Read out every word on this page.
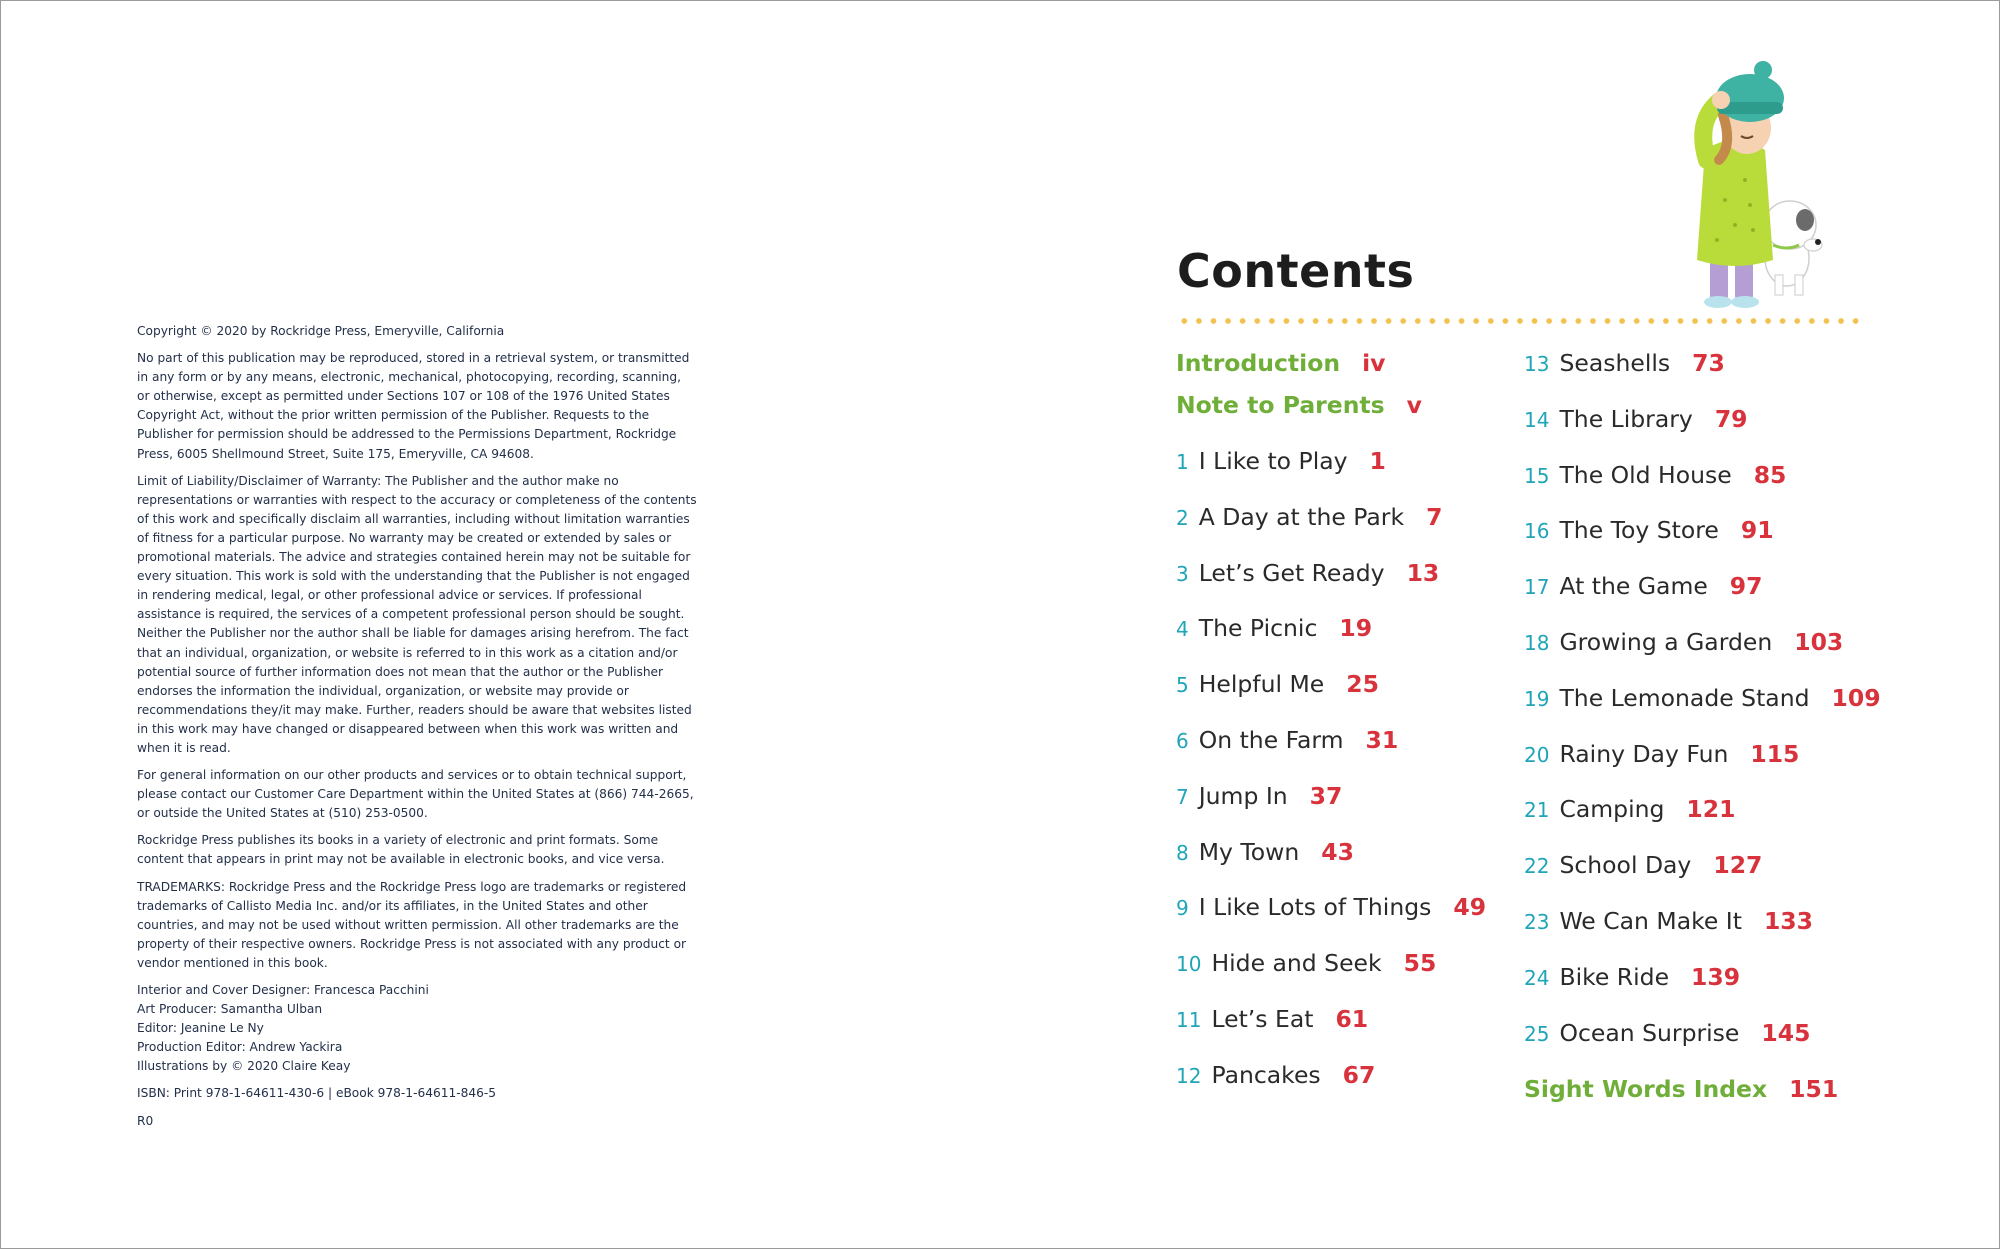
Copyright © 2020 by Rockridge Press, Emeryville, California

No part of this publication may be reproduced, stored in a retrieval system, or transmitted in any form or by any means, electronic, mechanical, photocopying, recording, scanning, or otherwise, except as permitted under Sections 107 or 108 of the 1976 United States Copyright Act, without the prior written permission of the Publisher. Requests to the Publisher for permission should be addressed to the Permissions Department, Rockridge Press, 6005 Shellmound Street, Suite 175, Emeryville, CA 94608.

Limit of Liability/Disclaimer of Warranty: The Publisher and the author make no representations or warranties with respect to the accuracy or completeness of the contents of this work and specifically disclaim all warranties, including without limitation warranties of fitness for a particular purpose. No warranty may be created or extended by sales or promotional materials. The advice and strategies contained herein may not be suitable for every situation. This work is sold with the understanding that the Publisher is not engaged in rendering medical, legal, or other professional advice or services. If professional assistance is required, the services of a competent professional person should be sought. Neither the Publisher nor the author shall be liable for damages arising herefrom. The fact that an individual, organization, or website is referred to in this work as a citation and/or potential source of further information does not mean that the author or the Publisher endorses the information the individual, organization, or website may provide or recommendations they/it may make. Further, readers should be aware that websites listed in this work may have changed or disappeared between when this work was written and when it is read.

For general information on our other products and services or to obtain technical support, please contact our Customer Care Department within the United States at (866) 744-2665, or outside the United States at (510) 253-0500.

Rockridge Press publishes its books in a variety of electronic and print formats. Some content that appears in print may not be available in electronic books, and vice versa.

TRADEMARKS: Rockridge Press and the Rockridge Press logo are trademarks or registered trademarks of Callisto Media Inc. and/or its affiliates, in the United States and other countries, and may not be used without written permission. All other trademarks are the property of their respective owners. Rockridge Press is not associated with any product or vendor mentioned in this book.

Interior and Cover Designer: Francesca Pacchini
Art Producer: Samantha Ulban
Editor: Jeanine Le Ny
Production Editor: Andrew Yackira
Illustrations by © 2020 Claire Keay

ISBN: Print 978-1-64611-430-6 | eBook 978-1-64611-846-5

R0

Contents
Introduction iv
Note to Parents v
1 I Like to Play 1
2 A Day at the Park 7
3 Let’s Get Ready 13
4 The Picnic 19
5 Helpful Me 25
6 On the Farm 31
7 Jump In 37
8 My Town 43
9 I Like Lots of Things 49
10 Hide and Seek 55
11 Let’s Eat 61
12 Pancakes 67
13 Seashells 73
14 The Library 79
15 The Old House 85
16 The Toy Store 91
17 At the Game 97
18 Growing a Garden 103
19 The Lemonade Stand 109
20 Rainy Day Fun 115
21 Camping 121
22 School Day 127
23 We Can Make It 133
24 Bike Ride 139
25 Ocean Surprise 145
Sight Words Index 151
